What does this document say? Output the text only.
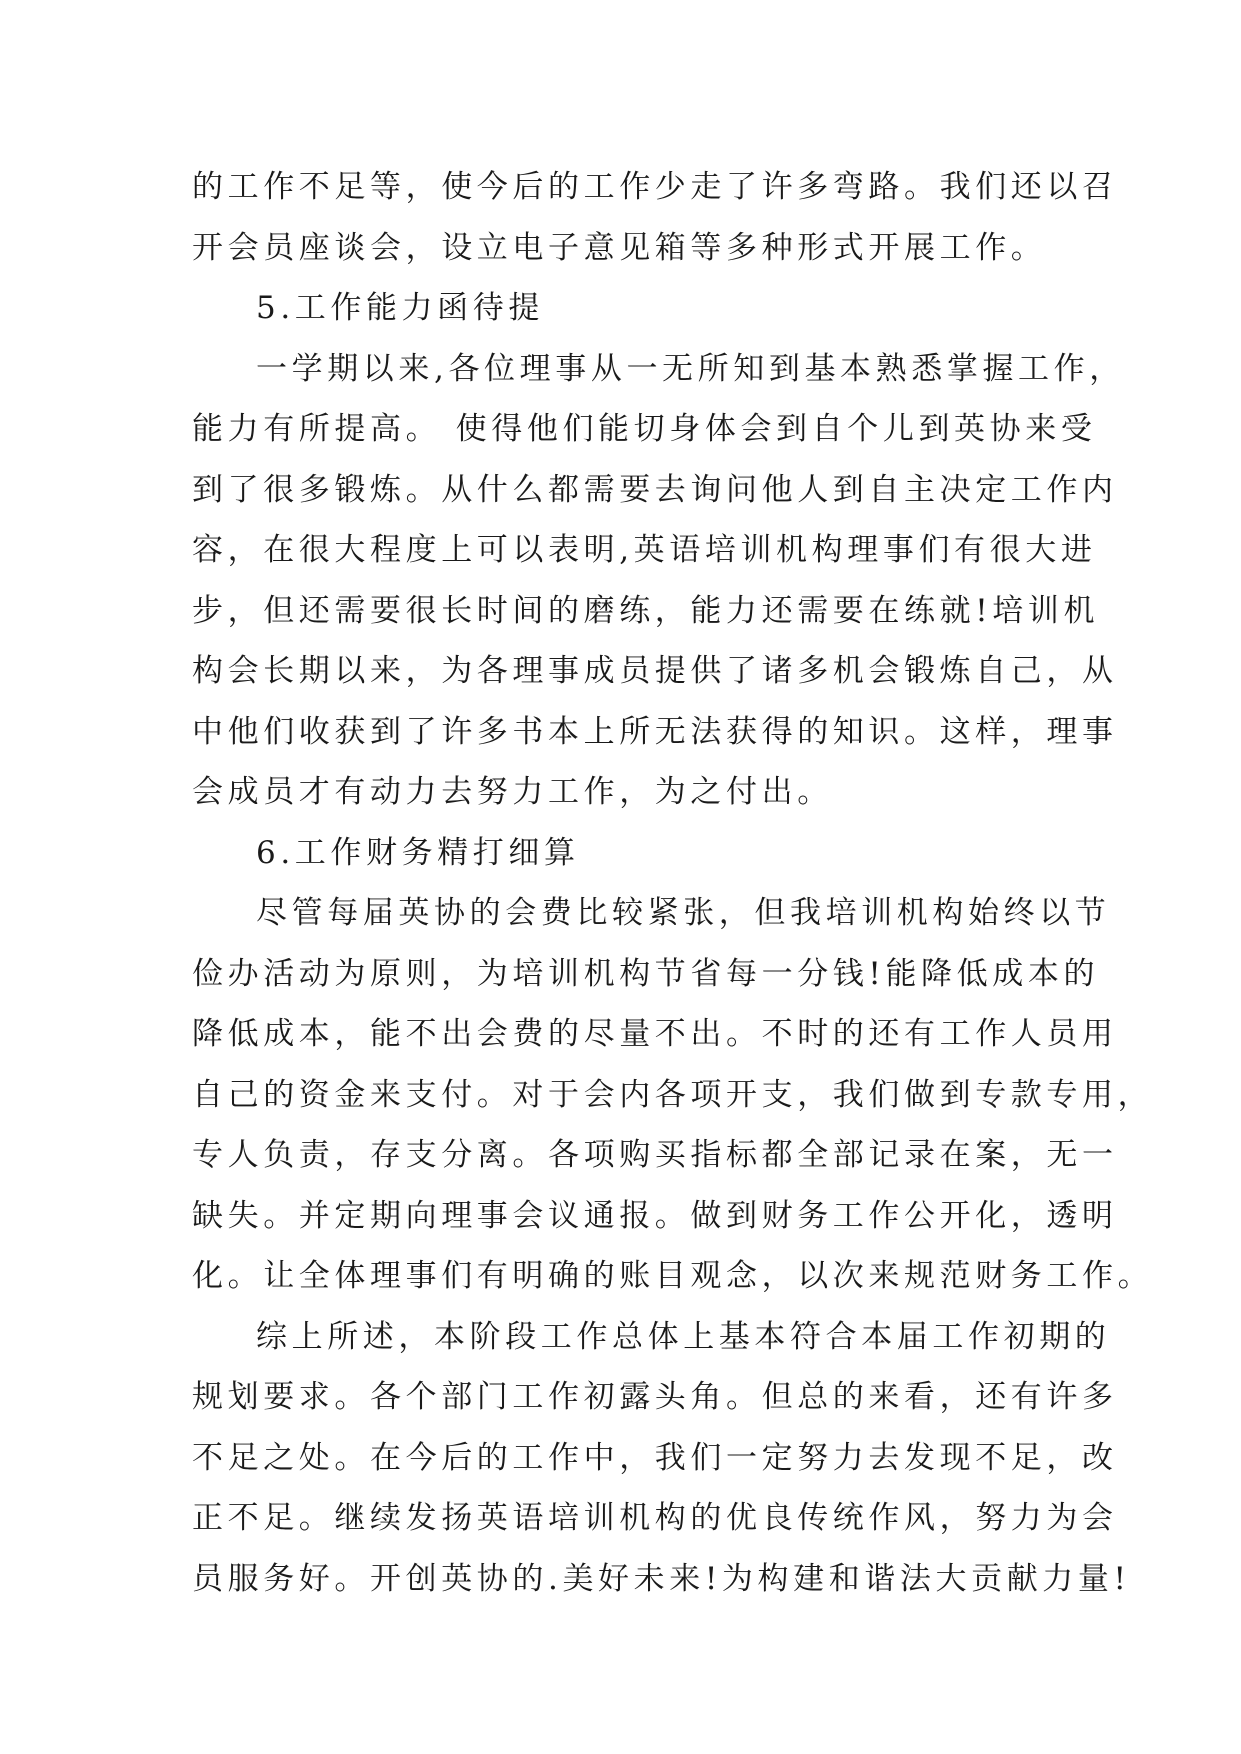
的工作不足等，使今后的工作少走了许多弯路。我们还以召
开会员座谈会，设立电子意见箱等多种形式开展工作。
5.工作能力函待提
一学期以来,各位理事从一无所知到基本熟悉掌握工作，
能力有所提高。 使得他们能切身体会到自个儿到英协来受
到了很多锻炼。从什么都需要去询问他人到自主决定工作内
容，在很大程度上可以表明,英语培训机构理事们有很大进
步，但还需要很长时间的磨练，能力还需要在练就!培训机
构会长期以来，为各理事成员提供了诸多机会锻炼自己，从
中他们收获到了许多书本上所无法获得的知识。这样，理事
会成员才有动力去努力工作，为之付出。
6.工作财务精打细算
尽管每届英协的会费比较紧张，但我培训机构始终以节
俭办活动为原则，为培训机构节省每一分钱!能降低成本的
降低成本，能不出会费的尽量不出。不时的还有工作人员用
自己的资金来支付。对于会内各项开支，我们做到专款专用，
专人负责，存支分离。各项购买指标都全部记录在案，无一
缺失。并定期向理事会议通报。做到财务工作公开化，透明
化。让全体理事们有明确的账目观念，以次来规范财务工作。
综上所述，本阶段工作总体上基本符合本届工作初期的
规划要求。各个部门工作初露头角。但总的来看，还有许多
不足之处。在今后的工作中，我们一定努力去发现不足，改
正不足。继续发扬英语培训机构的优良传统作风，努力为会
员服务好。开创英协的.美好未来!为构建和谐法大贡献力量!
